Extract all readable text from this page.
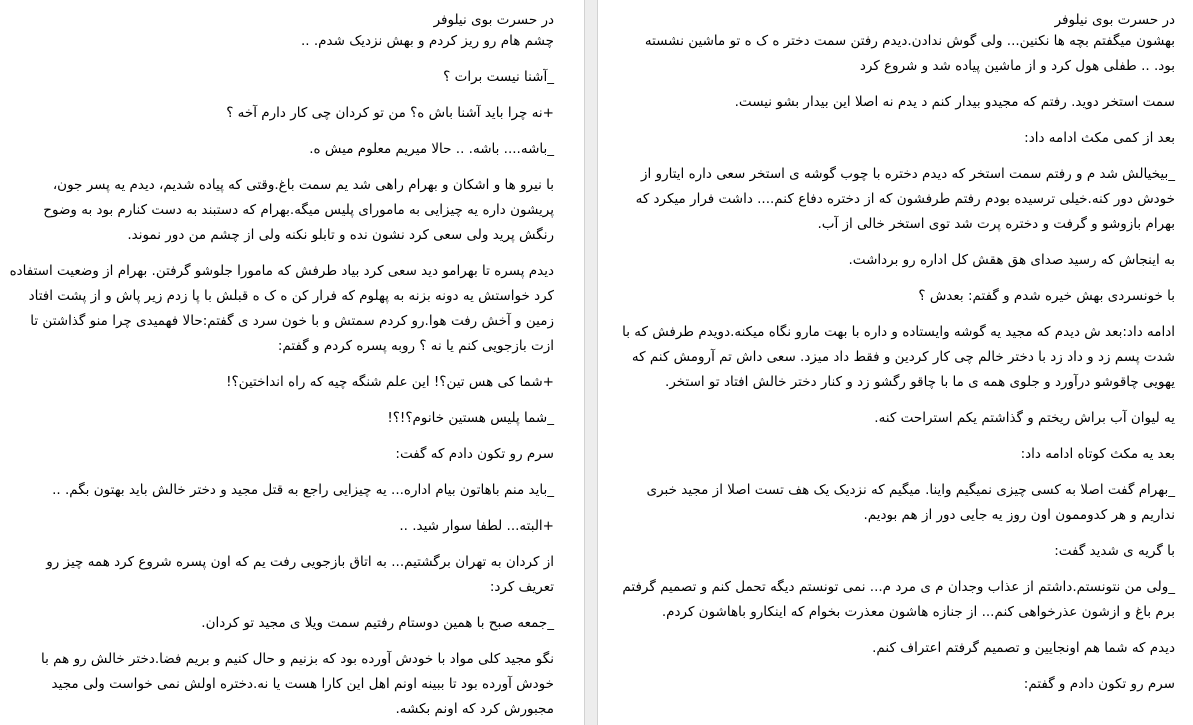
در حسرت بوی نیلوفر

چشم هام رو ریز کردم و بهش نزدیک شدم. ..

_آشنا نیست برات ؟

+نه چرا باید آشنا باش ه؟ من تو کردان چی کار دارم آخه ؟

_باشه.... باشه. .. حالا میریم معلوم میش ه.

با نیرو ها و اشکان و بهرام راهی شد یم سمت باغ.وقتی که پیاده شدیم، دیدم یه پسر جون، پریشون داره یه چیزایی به مامورای پلیس میگه.بهرام که دستبند به دست کنارم بود به وضوح رنگش پرید ولی سعی کرد نشون نده و تابلو نکنه ولی از چشم من دور نموند.

دیدم پسره تا بهرامو دید سعی کرد بیاد طرفش که مامورا جلوشو گرفتن. بهرام از وضعیت استفاده کرد خواستش یه دونه بزنه به پهلوم که فرار کن ه ک ه قبلش با پا زدم زیر پاش و از پشت افتاد زمین و آخش رفت هوا.رو کردم سمتش و با خون سرد ی گفتم:حالا فهمیدی چرا منو گذاشتن تا ازت بازجویی کنم یا نه ؟ روبه پسره کردم و گفتم:

+شما کی هس تین؟! این علم شنگه چیه که راه انداختین؟!

_شما پلیس هستین خانوم؟!؟!

سرم رو تکون دادم که گفت:

_باید منم باهاتون بیام اداره... یه چیزایی راجع به قتل مجید و دختر خالش باید بهتون بگم. ..

+البته... لطفا سوار شید. ..

از کردان به تهران برگشتیم... به اتاق بازجویی رفت یم که اون پسره شروع کرد همه چیز رو تعریف کرد:

_جمعه صبح با همین دوستام رفتیم سمت ویلا ی مجید تو کردان.

نگو مجید کلی مواد با خودش آورده بود که بزنیم و حال کنیم و بریم فضا.دختر خالش رو هم با خودش آورده بود تا ببینه اونم اهل این کارا هست یا نه.دختره اولش نمی خواست ولی مجید مجبورش کرد که اونم بکشه.

در حسرت بوی نیلوفر

بهشون میگفتم بچه ها نکنین... ولی گوش ندادن.دیدم رفتن سمت دختر ه ک ه تو ماشین نشسته بود. .. طفلی هول کرد و از ماشین پیاده شد و شروع کرد

سمت استخر دوید. رفتم که مجیدو بیدار کنم د یدم نه اصلا این بیدار بشو نیست.

بعد از کمی مکث ادامه داد:

_بیخیالش شد م و رفتم سمت استخر که دیدم دختره با چوب گوشه ی استخر سعی داره ایتارو از خودش دور کنه.خیلی ترسیده بودم رفتم طرفشون که از دختره دفاع کنم.... داشت فرار میکرد که بهرام بازوشو و گرفت و دختره پرت شد توی استخر خالی از آب.

به اینجاش که رسید صدای هق هقش کل اداره رو برداشت.

با خونسردی بهش خیره شدم و گفتم: بعدش ؟

ادامه داد:بعد ش دیدم که مجید یه گوشه وایستاده و داره با بهت مارو نگاه میکنه.دویدم طرفش که با شدت پسم زد و داد زد با دختر خالم چی کار کردین و فقط داد میزد. سعی داش تم آرومش کنم که یهویی چاقوشو درآورد و جلوی همه ی ما با چاقو رگشو زد و کنار دختر خالش افتاد تو استخر.

یه لیوان آب براش ریختم و گذاشتم یکم استراحت کنه.

بعد یه مکث کوتاه ادامه داد:

_بهرام گفت اصلا به کسی چیزی نمیگیم واینا. میگیم که نزدیک یک هف تست اصلا از مجید خبری نداریم و هر کدوممون اون روز یه جایی دور از هم بودیم.

با گریه ی شدید گفت:

_ولی من نتونستم.داشتم از عذاب وجدان م ی مرد م... نمی تونستم دیگه تحمل کنم و تصمیم گرفتم برم باغ و ازشون عذرخواهی کنم... از جنازه هاشون معذرت بخوام که اینکارو باهاشون کردم.

دیدم که شما هم اونجایین و تصمیم گرفتم اعتراف کنم.

سرم رو تکون دادم و گفتم:
